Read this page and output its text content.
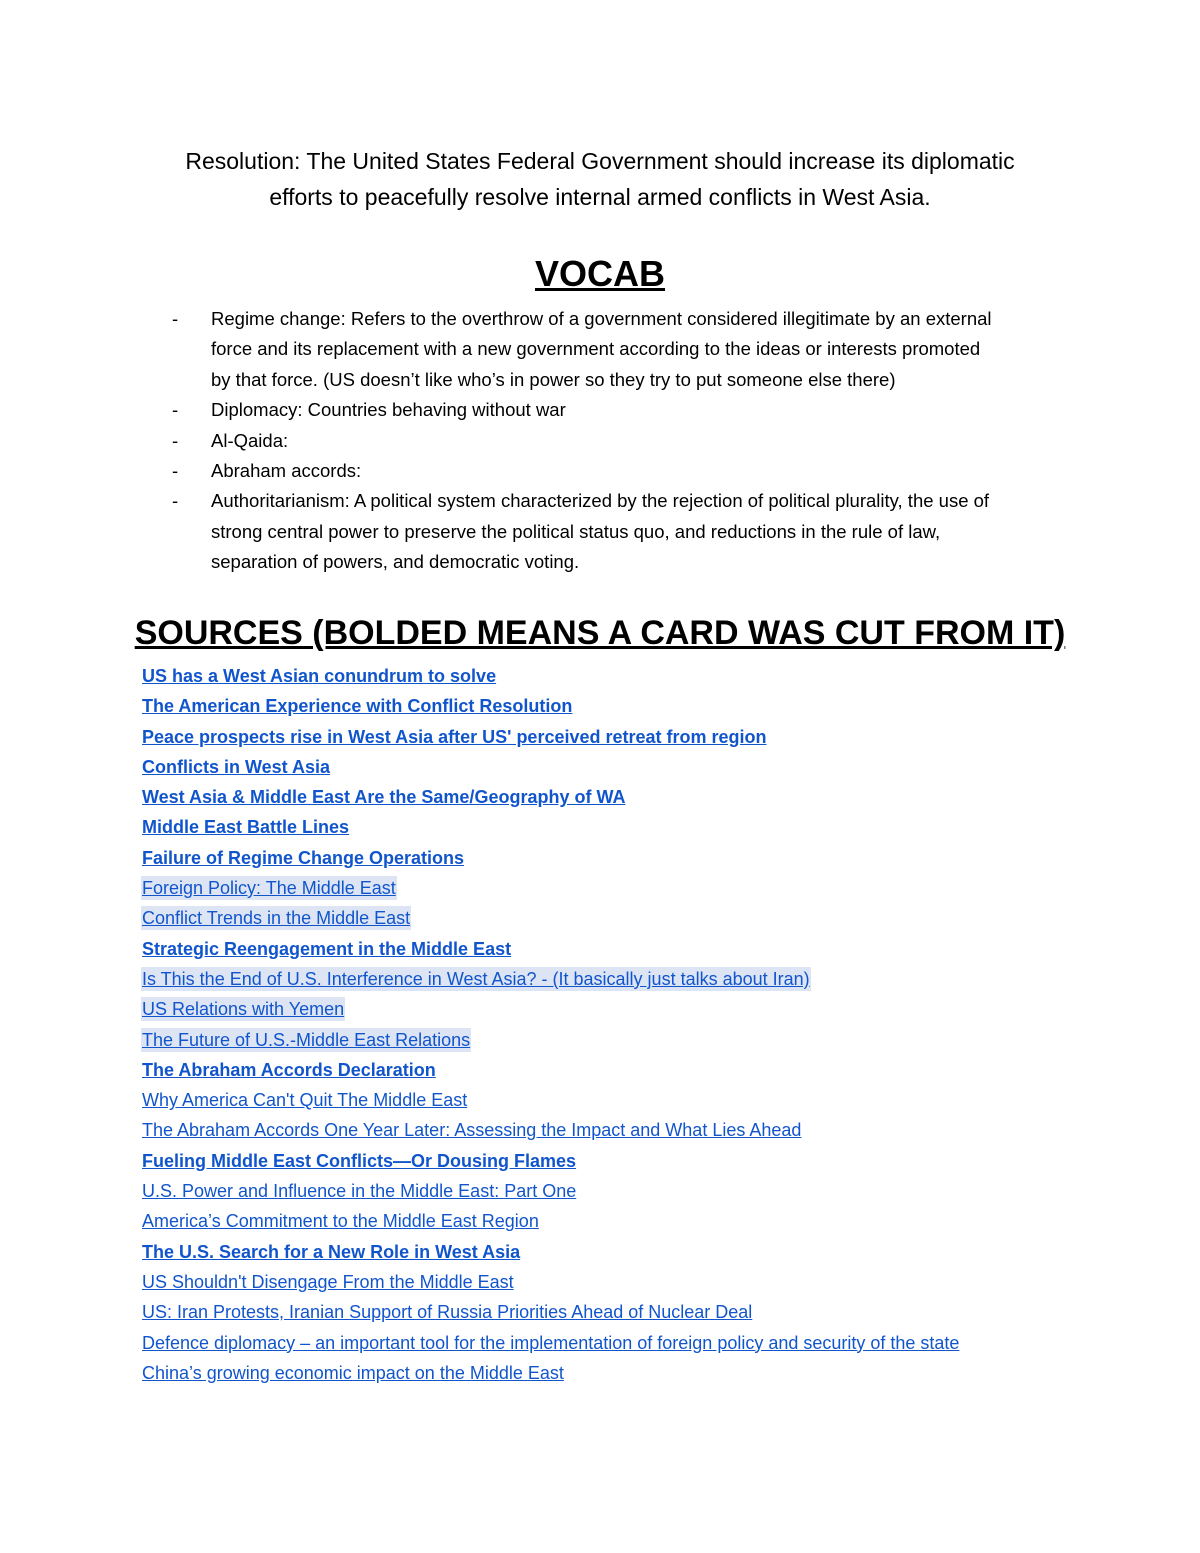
Resolution: The United States Federal Government should increase its diplomatic
efforts to peacefully resolve internal armed conflicts in West Asia.
VOCAB
- Regime change: Refers to the overthrow of a government considered illegitimate by an external
force and its replacement with a new government according to the ideas or interests promoted
by that force. (US doesn’t like who’s in power so they try to put someone else there)
- Diplomacy: Countries behaving without war
- Al-Qaida:
- Abraham accords:
- Authoritarianism: A political system characterized by the rejection of political plurality, the use of
strong central power to preserve the political status quo, and reductions in the rule of law,
separation of powers, and democratic voting.
SOURCES (BOLDED MEANS A CARD WAS CUT FROM IT)
US has a West Asian conundrum to solve
The American Experience with Conflict Resolution
Peace prospects rise in West Asia after US' perceived retreat from region
Conflicts in West Asia
West Asia & Middle East Are the Same/Geography of WA
Middle East Battle Lines
Failure of Regime Change Operations
Foreign Policy: The Middle East
Conflict Trends in the Middle East
Strategic Reengagement in the Middle East
Is This the End of U.S. Interference in West Asia? - (It basically just talks about Iran)
US Relations with Yemen
The Future of U.S.-Middle East Relations
The Abraham Accords Declaration
Why America Can't Quit The Middle East
The Abraham Accords One Year Later: Assessing the Impact and What Lies Ahead
Fueling Middle East Conflicts—Or Dousing Flames
U.S. Power and Influence in the Middle East: Part One
America’s Commitment to the Middle East Region
The U.S. Search for a New Role in West Asia
US Shouldn't Disengage From the Middle East
US: Iran Protests, Iranian Support of Russia Priorities Ahead of Nuclear Deal
Defence diplomacy – an important tool for the implementation of foreign policy and security of the state
China’s growing economic impact on the Middle East
